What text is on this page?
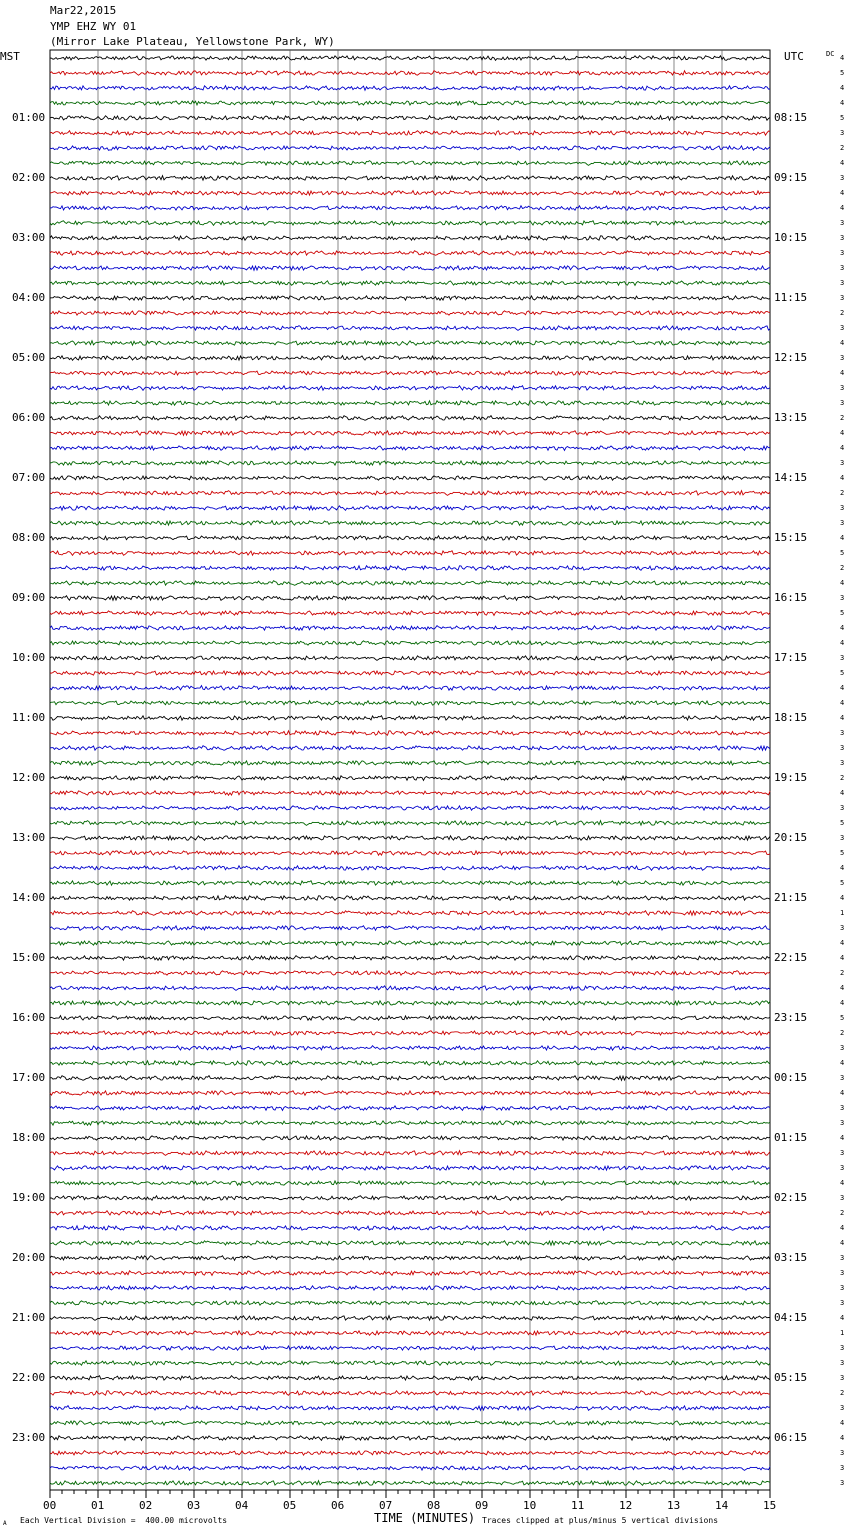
Mar22,2015
YMP EHZ WY 01
(Mirror Lake Plateau, Yellowstone Park, WY)
MST	UTC	DC
01:00
02:00
03:00
04:00
05:00
06:00
07:00
08:00
09:00
10:00
11:00
12:00
13:00
14:00
15:00
16:00
17:00
18:00
19:00
20:00
21:00
22:00
23:00
08:15
09:15
10:15
11:15
12:15
13:15
14:15
15:15
16:15
17:15
18:15
19:15
20:15
21:15
22:15
23:15
00:15
01:15
02:15
03:15
04:15
05:15
06:15
4
5
4
4
5
3
2
4
3
4
4
3
3
3
3
3
3
2
3
4
3
4
3
3
2
4
4
3
4
2
3
3
4
5
2
4
3
5
4
4
3
5
4
4
4
3
3
3
2
4
3
5
3
5
4
5
4
1
3
4
4
2
4
4
5
2
3
4
3
4
3
3
4
3
3
4
3
2
4
4
3
3
3
3
4
1
3
3
3
2
3
4
4
3
3
3
00	01	02	03	04	05	06	07	08	09	10	11	12	13	14	15
TIME (MINUTES)
A Each Vertical Division =  400.00 microvolts	Traces clipped at plus/minus 5 vertical divisions
